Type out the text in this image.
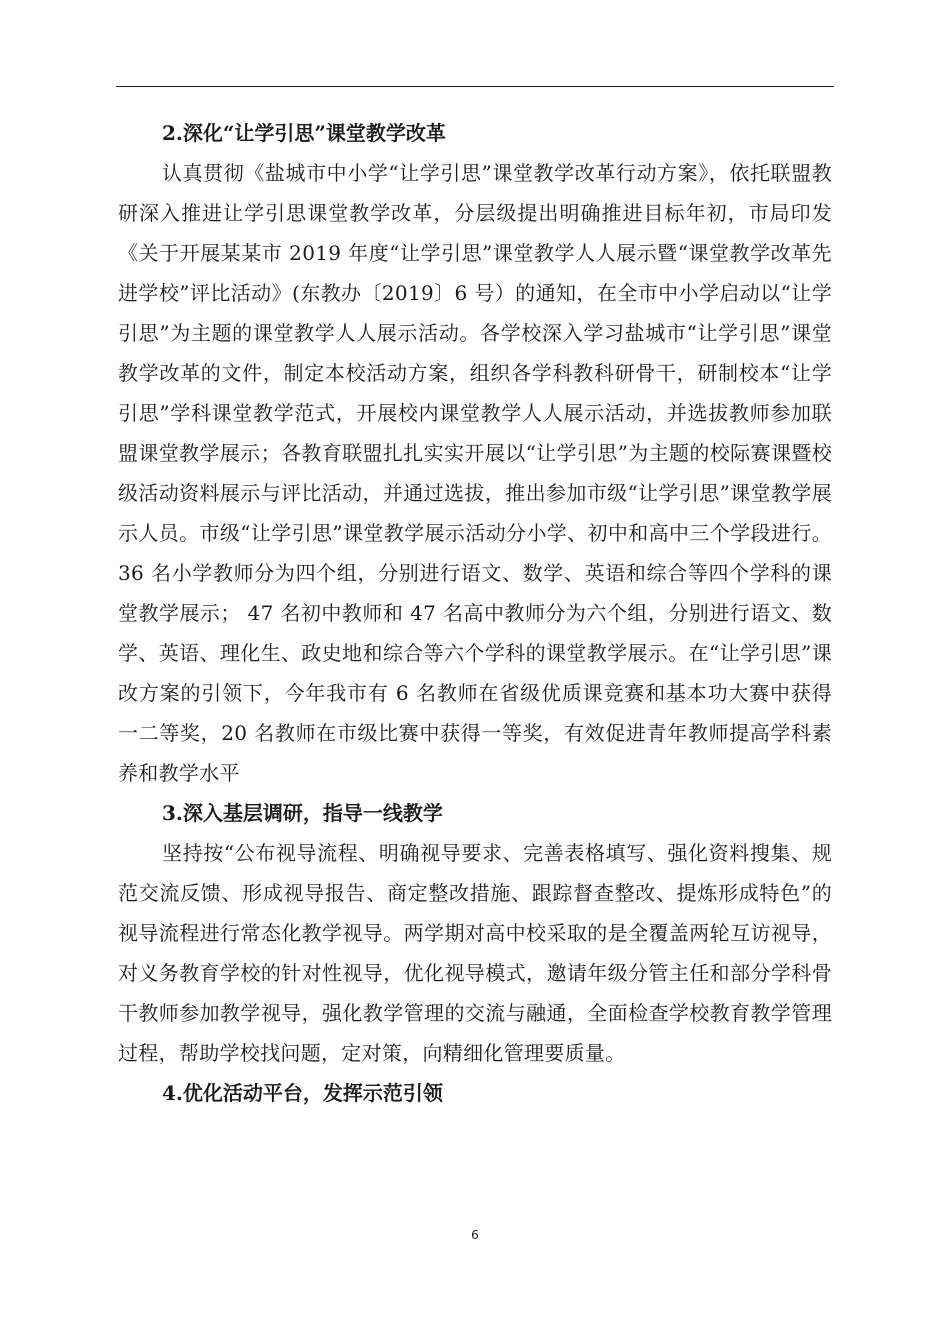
2.深化“让学引思”课堂教学改革

认真贯彻《盐城市中小学“让学引思”课堂教学改革行动方案》，依托联盟教研深入推进让学引思课堂教学改革，分层级提出明确推进目标年初，市局印发《关于开展某某市 2019 年度“让学引思”课堂教学人人展示暨“课堂教学改革先进学校”评比活动》(东教办〔2019〕6 号）的通知，在全市中小学启动以“让学引思”为主题的课堂教学人人展示活动。各学校深入学习盐城市“让学引思”课堂教学改革的文件，制定本校活动方案，组织各学科教科研骨干，研制校本“让学引思”学科课堂教学范式，开展校内课堂教学人人展示活动，并选拔教师参加联盟课堂教学展示；各教育联盟扎扎实实开展以“让学引思”为主题的校际赛课暨校级活动资料展示与评比活动，并通过选拔，推出参加市级“让学引思”课堂教学展示人员。市级“让学引思”课堂教学展示活动分小学、初中和高中三个学段进行。36 名小学教师分为四个组，分别进行语文、数学、英语和综合等四个学科的课堂教学展示； 47 名初中教师和 47 名高中教师分为六个组，分别进行语文、数学、英语、理化生、政史地和综合等六个学科的课堂教学展示。在“让学引思”课改方案的引领下，今年我市有 6 名教师在省级优质课竞赛和基本功大赛中获得一二等奖，20 名教师在市级比赛中获得一等奖，有效促进青年教师提高学科素养和教学水平

3.深入基层调研，指导一线教学

坚持按“公布视导流程、明确视导要求、完善表格填写、强化资料搜集、规范交流反馈、形成视导报告、商定整改措施、跟踪督查整改、提炼形成特色”的视导流程进行常态化教学视导。两学期对高中校采取的是全覆盖两轮互访视导，对义务教育学校的针对性视导，优化视导模式，邀请年级分管主任和部分学科骨干教师参加教学视导，强化教学管理的交流与融通，全面检查学校教育教学管理过程，帮助学校找问题，定对策，向精细化管理要质量。

4.优化活动平台，发挥示范引领

6
